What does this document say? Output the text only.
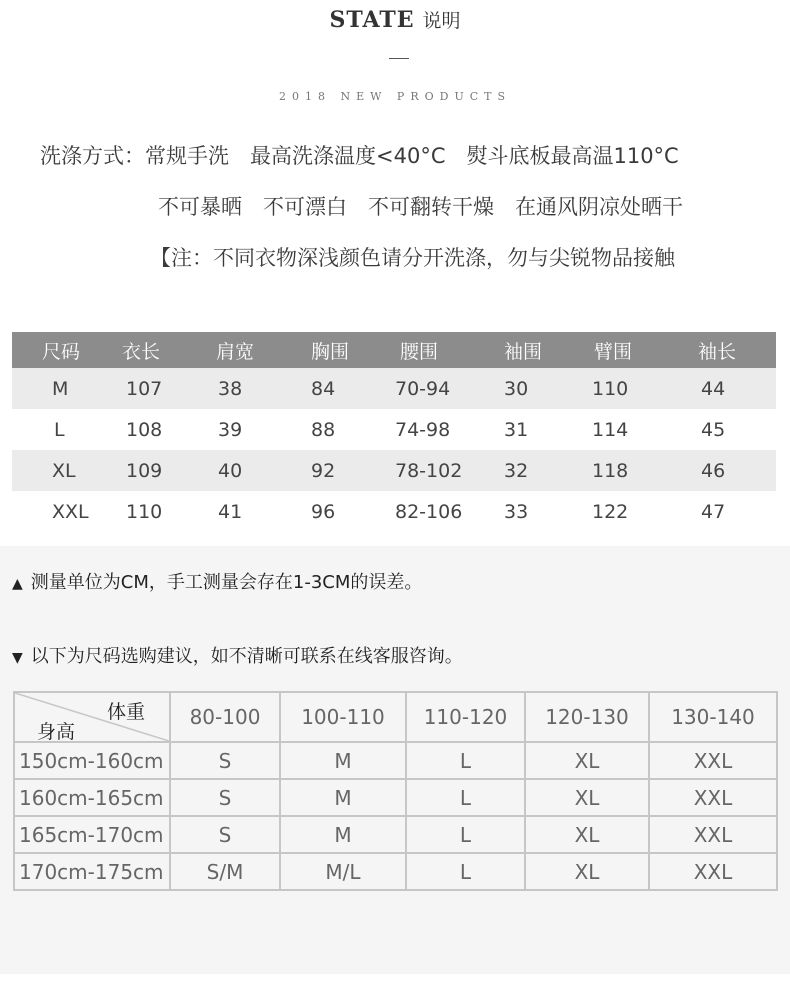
STATE 说明
2018 NEW PRODUCTS
洗涤方式：常规手洗　最高洗涤温度<40°C　熨斗底板最高温110°C
不可暴晒　不可漂白　不可翻转干燥　在通风阴凉处晒干
【注：不同衣物深浅颜色请分开洗涤，勿与尖锐物品接触
尺码	衣长	肩宽	胸围	腰围	袖围	臂围	袖长
M	107	38	84	70-94	30	110	44
L	108	39	88	74-98	31	114	45
XL	109	40	92	78-102	32	118	46
XXL	110	41	96	82-106	33	122	47
▲ 测量单位为CM，手工测量会存在1-3CM的误差。
▼ 以下为尺码选购建议，如不清晰可联系在线客服咨询。
体重
身高	80-100	100-110	110-120	120-130	130-140
150cm-160cm	S	M	L	XL	XXL
160cm-165cm	S	M	L	XL	XXL
165cm-170cm	S	M	L	XL	XXL
170cm-175cm	S/M	M/L	L	XL	XXL
